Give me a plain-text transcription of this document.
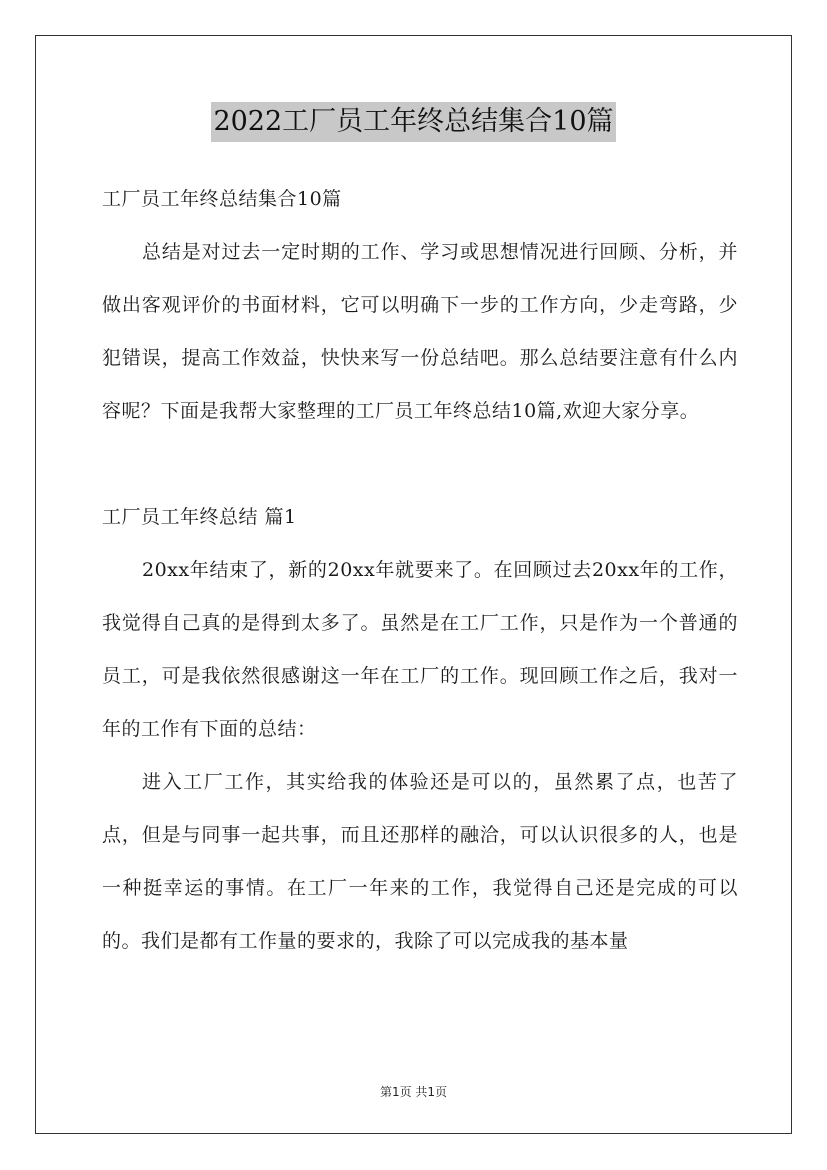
2022工厂员工年终总结集合10篇

工厂员工年终总结集合10篇

总结是对过去一定时期的工作、学习或思想情况进行回顾、分析，并做出客观评价的书面材料，它可以明确下一步的工作方向，少走弯路，少犯错误，提高工作效益，快快来写一份总结吧。那么总结要注意有什么内容呢？下面是我帮大家整理的工厂员工年终总结10篇,欢迎大家分享。

工厂员工年终总结 篇1

20xx年结束了，新的20xx年就要来了。在回顾过去20xx年的工作，我觉得自己真的是得到太多了。虽然是在工厂工作，只是作为一个普通的员工，可是我依然很感谢这一年在工厂的工作。现回顾工作之后，我对一年的工作有下面的总结：

进入工厂工作，其实给我的体验还是可以的，虽然累了点，也苦了点，但是与同事一起共事，而且还那样的融洽，可以认识很多的人，也是一种挺幸运的事情。在工厂一年来的工作，我觉得自己还是完成的可以的。我们是都有工作量的要求的，我除了可以完成我的基本量

第1页 共1页
